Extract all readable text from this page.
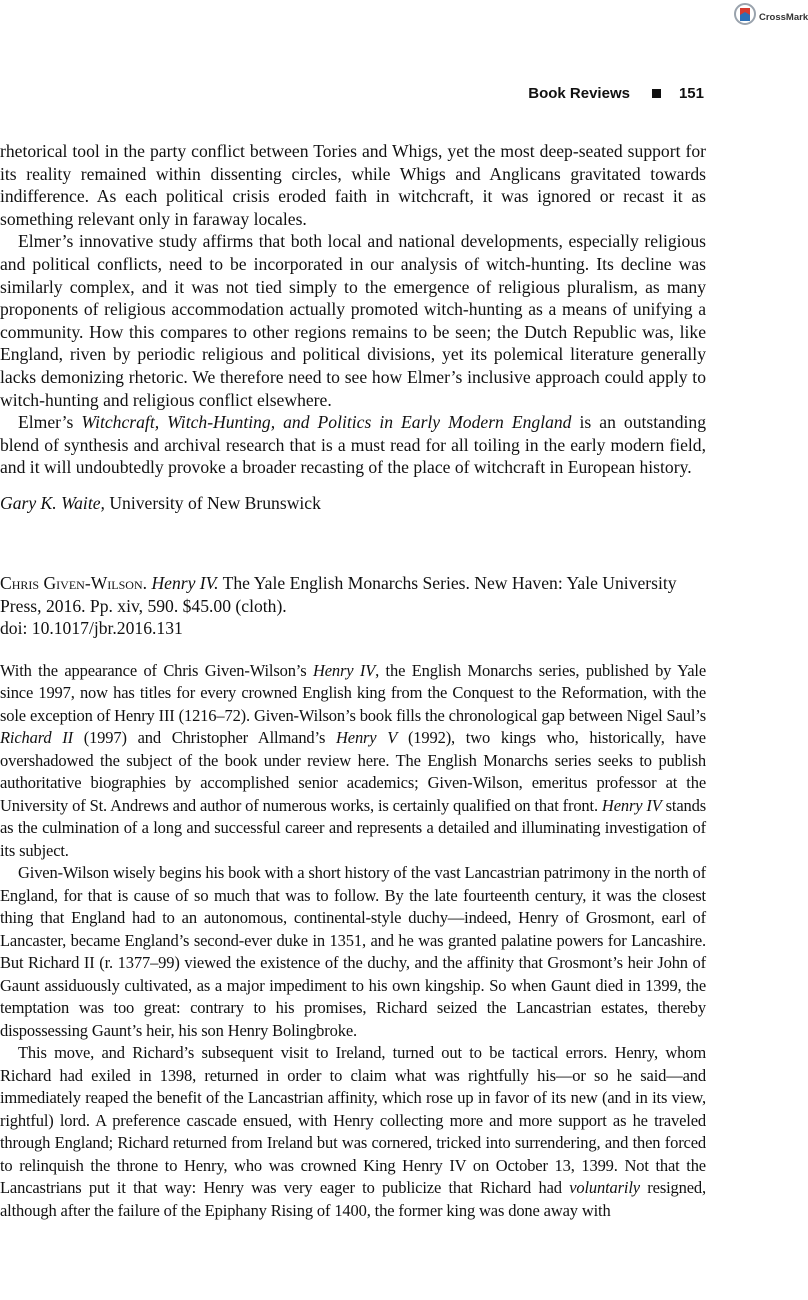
CrossMark
Book Reviews	151

rhetorical tool in the party conflict between Tories and Whigs, yet the most deep-seated support for its reality remained within dissenting circles, while Whigs and Anglicans gravitated towards indifference. As each political crisis eroded faith in witchcraft, it was ignored or recast it as something relevant only in faraway locales.

Elmer’s innovative study affirms that both local and national developments, especially religious and political conflicts, need to be incorporated in our analysis of witch-hunting. Its decline was similarly complex, and it was not tied simply to the emergence of religious pluralism, as many proponents of religious accommodation actually promoted witch-hunting as a means of unifying a community. How this compares to other regions remains to be seen; the Dutch Republic was, like England, riven by periodic religious and political divisions, yet its polemical literature generally lacks demonizing rhetoric. We therefore need to see how Elmer’s inclusive approach could apply to witch-hunting and religious conflict elsewhere.

Elmer’s Witchcraft, Witch-Hunting, and Politics in Early Modern England is an outstanding blend of synthesis and archival research that is a must read for all toiling in the early modern field, and it will undoubtedly provoke a broader recasting of the place of witchcraft in European history.

Gary K. Waite, University of New Brunswick

Chris Given-Wilson. Henry IV. The Yale English Monarchs Series. New Haven: Yale University Press, 2016. Pp. xiv, 590. $45.00 (cloth).
doi: 10.1017/jbr.2016.131

With the appearance of Chris Given-Wilson’s Henry IV, the English Monarchs series, published by Yale since 1997, now has titles for every crowned English king from the Conquest to the Reformation, with the sole exception of Henry III (1216–72). Given-Wilson’s book fills the chronological gap between Nigel Saul’s Richard II (1997) and Christopher Allmand’s Henry V (1992), two kings who, historically, have overshadowed the subject of the book under review here. The English Monarchs series seeks to publish authoritative biographies by accomplished senior academics; Given-Wilson, emeritus professor at the University of St. Andrews and author of numerous works, is certainly qualified on that front. Henry IV stands as the culmination of a long and successful career and represents a detailed and illuminating investigation of its subject.

Given-Wilson wisely begins his book with a short history of the vast Lancastrian patrimony in the north of England, for that is cause of so much that was to follow. By the late fourteenth century, it was the closest thing that England had to an autonomous, continental-style duchy—indeed, Henry of Grosmont, earl of Lancaster, became England’s second-ever duke in 1351, and he was granted palatine powers for Lancashire. But Richard II (r. 1377–99) viewed the existence of the duchy, and the affinity that Grosmont’s heir John of Gaunt assiduously cultivated, as a major impediment to his own kingship. So when Gaunt died in 1399, the temptation was too great: contrary to his promises, Richard seized the Lancastrian estates, thereby dispossessing Gaunt’s heir, his son Henry Bolingbroke.

This move, and Richard’s subsequent visit to Ireland, turned out to be tactical errors. Henry, whom Richard had exiled in 1398, returned in order to claim what was rightfully his—or so he said—and immediately reaped the benefit of the Lancastrian affinity, which rose up in favor of its new (and in its view, rightful) lord. A preference cascade ensued, with Henry collecting more and more support as he traveled through England; Richard returned from Ireland but was cornered, tricked into surrendering, and then forced to relinquish the throne to Henry, who was crowned King Henry IV on October 13, 1399. Not that the Lancastrians put it that way: Henry was very eager to publicize that Richard had voluntarily resigned, although after the failure of the Epiphany Rising of 1400, the former king was done away with
